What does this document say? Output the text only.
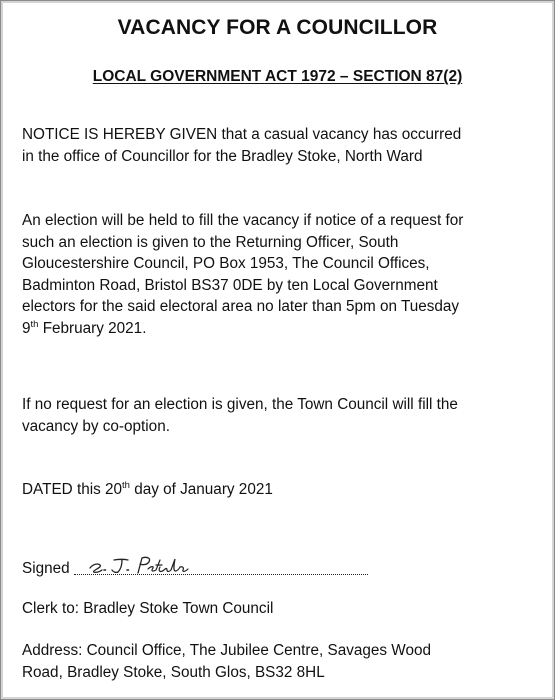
VACANCY FOR A COUNCILLOR
LOCAL GOVERNMENT ACT 1972 – SECTION 87(2)

NOTICE IS HEREBY GIVEN that a casual vacancy has occurred
in the office of Councillor for the Bradley Stoke, North Ward

An election will be held to fill the vacancy if notice of a request for
such an election is given to the Returning Officer, South
Gloucestershire Council, PO Box 1953, The Council Offices,
Badminton Road, Bristol BS37 0DE by ten Local Government
electors for the said electoral area no later than 5pm on Tuesday
9th February 2021.

If no request for an election is given, the Town Council will fill the
vacancy by co-option.

DATED this 20th day of January 2021

Signed

Clerk to: Bradley Stoke Town Council

Address: Council Office, The Jubilee Centre, Savages Wood
Road, Bradley Stoke, South Glos, BS32 8HL
